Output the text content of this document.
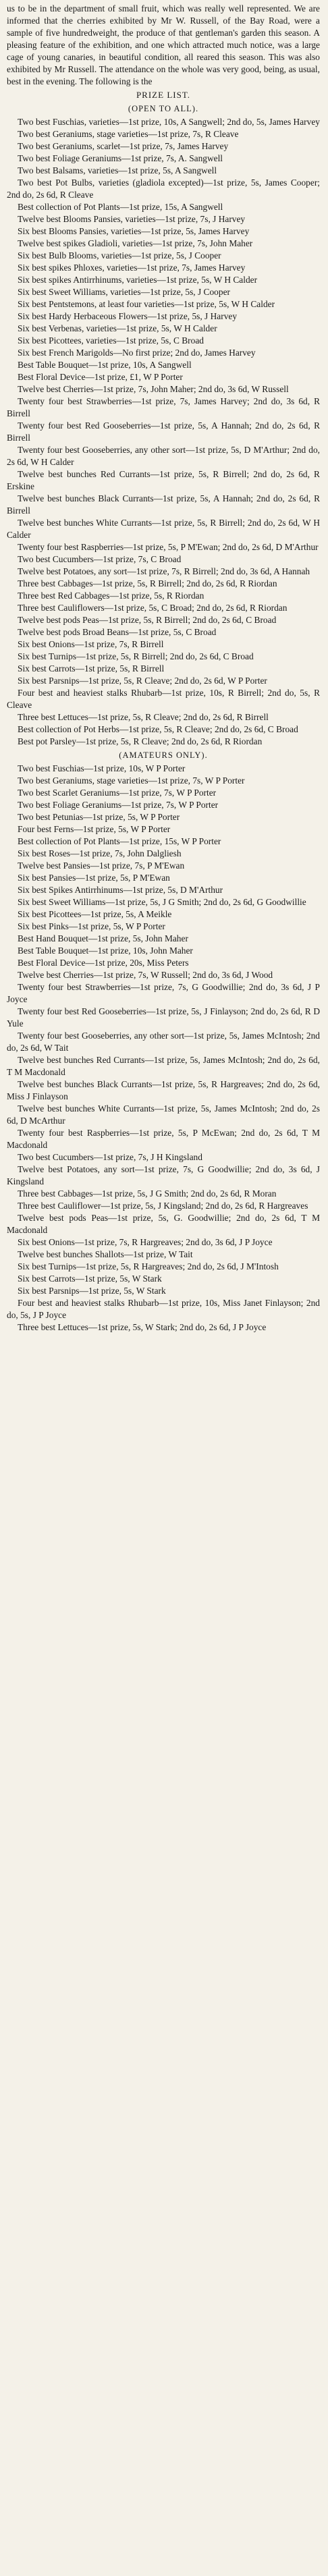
us to be in the department of small fruit, which was really well represented. We are informed that the cherries exhibited by Mr W. Russell, of the Bay Road, were a sample of five hundredweight, the produce of that gentleman's garden this season. A pleasing feature of the exhibition, and one which attracted much notice, was a large cage of young canaries, in beautiful condition, all reared this season. This was also exhibited by Mr Russell. The attendance on the whole was very good, being, as usual, best in the evening. The following is the

PRIZE LIST.
(OPEN TO ALL).

Two best Fuschias, varieties—1st prize, 10s, A Sangwell; 2nd do, 5s, James Harvey

Two best Geraniums, stage varieties—1st prize, 7s, R Cleave

Two best Geraniums, scarlet—1st prize, 7s, James Harvey

Two best Foliage Geraniums—1st prize, 7s, A. Sangwell

Two best Balsams, varieties—1st prize, 5s, A Sangwell

Two best Pot Bulbs, varieties (gladiola excepted)—1st prize, 5s, James Cooper; 2nd do, 2s 6d, R Cleave

Best collection of Pot Plants—1st prize, 15s, A Sangwell

Twelve best Blooms Pansies, varieties—1st prize, 7s, J Harvey

Six best Blooms Pansies, varieties—1st prize, 5s, James Harvey

Twelve best spikes Gladioli, varieties—1st prize, 7s, John Maher

Six best Bulb Blooms, varieties—1st prize, 5s, J Cooper

Six best spikes Phloxes, varieties—1st prize, 7s, James Harvey

Six best spikes Antirrhinums, varieties—1st prize, 5s, W H Calder

Six best Sweet Williams, varieties—1st prize, 5s, J Cooper

Six best Pentstemons, at least four varieties—1st prize, 5s, W H Calder

Six best Hardy Herbaceous Flowers—1st prize, 5s, J Harvey

Six best Verbenas, varieties—1st prize, 5s, W H Calder

Six best Picottees, varieties—1st prize, 5s, C Broad

Six best French Marigolds—No first prize; 2nd do, James Harvey

Best Table Bouquet—1st prize, 10s, A Sangwell

Best Floral Device—1st prize, £1, W P Porter

Twelve best Cherries—1st prize, 7s, John Maher; 2nd do, 3s 6d, W Russell

Twenty four best Strawberries—1st prize, 7s, James Harvey; 2nd do, 3s 6d, R Birrell

Twenty four best Red Gooseberries—1st prize, 5s, A Hannah; 2nd do, 2s 6d, R Birrell

Twenty four best Gooseberries, any other sort—1st prize, 5s, D M'Arthur; 2nd do, 2s 6d, W H Calder

Twelve best bunches Red Currants—1st prize, 5s, R Birrell; 2nd do, 2s 6d, R Erskine

Twelve best bunches Black Currants—1st prize, 5s, A Hannah; 2nd do, 2s 6d, R Birrell

Twelve best bunches White Currants—1st prize, 5s, R Birrell; 2nd do, 2s 6d, W H Calder

Twenty four best Raspberries—1st prize, 5s, P M'Ewan; 2nd do, 2s 6d, D M'Arthur

Two best Cucumbers—1st prize, 7s, C Broad

Twelve best Potatoes, any sort—1st prize, 7s, R Birrell; 2nd do, 3s 6d, A Hannah

Three best Cabbages—1st prize, 5s, R Birrell; 2nd do, 2s 6d, R Riordan

Three best Red Cabbages—1st prize, 5s, R Riordan

Three best Cauliflowers—1st prize, 5s, C Broad; 2nd do, 2s 6d, R Riordan

Twelve best pods Peas—1st prize, 5s, R Birrell; 2nd do, 2s 6d, C Broad

Twelve best pods Broad Beans—1st prize, 5s, C Broad

Six best Onions—1st prize, 7s, R Birrell

Six best Turnips—1st prize, 5s, R Birrell; 2nd do, 2s 6d, C Broad

Six best Carrots—1st prize, 5s, R Birrell

Six best Parsnips—1st prize, 5s, R Cleave; 2nd do, 2s 6d, W P Porter

Four best and heaviest stalks Rhubarb—1st prize, 10s, R Birrell; 2nd do, 5s, R Cleave

Three best Lettuces—1st prize, 5s, R Cleave; 2nd do, 2s 6d, R Birrell

Best collection of Pot Herbs—1st prize, 5s, R Cleave; 2nd do, 2s 6d, C Broad

Best pot Parsley—1st prize, 5s, R Cleave; 2nd do, 2s 6d, R Riordan

(AMATEURS ONLY).

Two best Fuschias—1st prize, 10s, W P Porter

Two best Geraniums, stage varieties—1st prize, 7s, W P Porter

Two best Scarlet Geraniums—1st prize, 7s, W P Porter

Two best Foliage Geraniums—1st prize, 7s, W P Porter

Two best Petunias—1st prize, 5s, W P Porter

Four best Ferns—1st prize, 5s, W P Porter

Best collection of Pot Plants—1st prize, 15s, W P Porter

Six best Roses—1st prize, 7s, John Dalgliesh

Twelve best Pansies—1st prize, 7s, P M'Ewan

Six best Pansies—1st prize, 5s, P M'Ewan

Six best Spikes Antirrhinums—1st prize, 5s, D M'Arthur

Six best Sweet Williams—1st prize, 5s, J G Smith; 2nd do, 2s 6d, G Goodwillie

Six best Picottees—1st prize, 5s, A Meikle

Six best Pinks—1st prize, 5s, W P Porter

Best Hand Bouquet—1st prize, 5s, John Maher

Best Table Bouquet—1st prize, 10s, John Maher

Best Floral Device—1st prize, 20s, Miss Peters

Twelve best Cherries—1st prize, 7s, W Russell; 2nd do, 3s 6d, J Wood

Twenty four best Strawberries—1st prize, 7s, G Goodwillie; 2nd do, 3s 6d, J P Joyce

Twenty four best Red Gooseberries—1st prize, 5s, J Finlayson; 2nd do, 2s 6d, R D Yule

Twenty four best Gooseberries, any other sort—1st prize, 5s, James McIntosh; 2nd do, 2s 6d, W Tait

Twelve best bunches Red Currants—1st prize, 5s, James McIntosh; 2nd do, 2s 6d, T M Macdonald

Twelve best bunches Black Currants—1st prize, 5s, R Hargreaves; 2nd do, 2s 6d, Miss J Finlayson

Twelve best bunches White Currants—1st prize, 5s, James McIntosh; 2nd do, 2s 6d, D McArthur

Twenty four best Raspberries—1st prize, 5s, P McEwan; 2nd do, 2s 6d, T M Macdonald

Two best Cucumbers—1st prize, 7s, J H Kingsland

Twelve best Potatoes, any sort—1st prize, 7s, G Goodwillie; 2nd do, 3s 6d, J Kingsland

Three best Cabbages—1st prize, 5s, J G Smith; 2nd do, 2s 6d, R Moran

Three best Cauliflower—1st prize, 5s, J Kingsland; 2nd do, 2s 6d, R Hargreaves

Twelve best pods Peas—1st prize, 5s, G. Goodwillie; 2nd do, 2s 6d, T M Macdonald

Six best Onions—1st prize, 7s, R Hargreaves; 2nd do, 3s 6d, J P Joyce

Twelve best bunches Shallots—1st prize, W Tait

Six best Turnips—1st prize, 5s, R Hargreaves; 2nd do, 2s 6d, J M'Intosh

Six best Carrots—1st prize, 5s, W Stark

Six best Parsnips—1st prize, 5s, W Stark

Four best and heaviest stalks Rhubarb—1st prize, 10s, Miss Janet Finlayson; 2nd do, 5s, J P Joyce

Three best Lettuces—1st prize, 5s, W Stark; 2nd do, 2s 6d, J P Joyce
